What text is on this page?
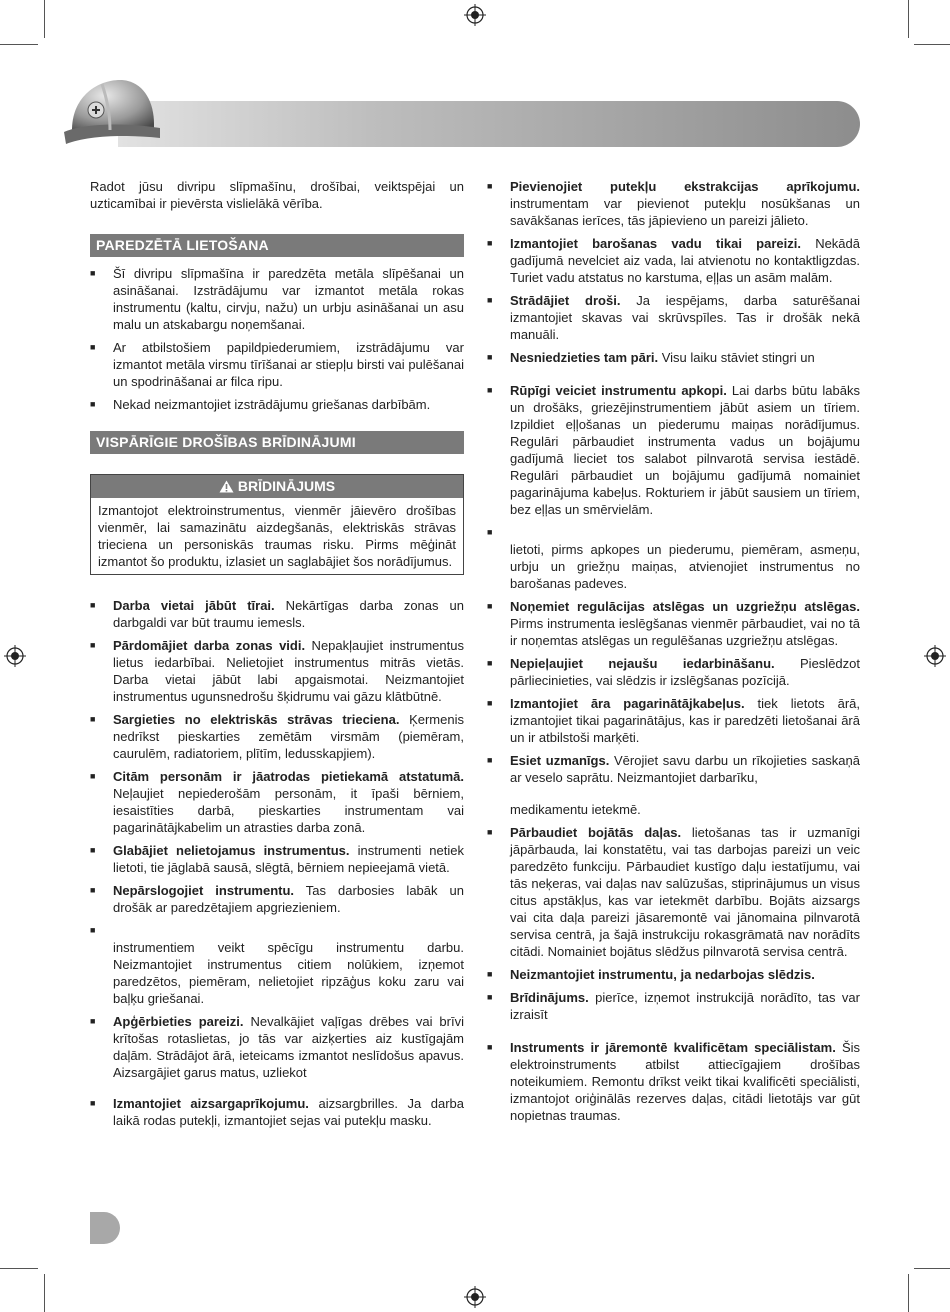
Radot jūsu divripu slīpmašīnu, drošībai, veiktspējai un uzticamībai ir pievērsta vislielākā vērība.

PAREDZĒTĀ LIETOŠANA
■ Šī divripu slīpmašīna ir paredzēta metāla slīpēšanai un asināšanai. Izstrādājumu var izmantot metāla rokas instrumentu (kaltu, cirvju, nažu) un urbju asināšanai un asu malu un atskabargu noņemšanai.
■ Ar atbilstošiem papildpiederumiem, izstrādājumu var izmantot metāla virsmu tīrīšanai ar stiepļu birsti vai pulēšanai un spodrināšanai ar filca ripu.
■ Nekad neizmantojiet izstrādājumu griešanas darbībām.
VISPĀRĪGIE DROŠĪBAS BRĪDINĀJUMI
BRĪDINĀJUMS
Izmantojot elektroinstrumentus, vienmēr jāievēro drošības vienmēr, lai samazinātu aizdegšanās, elektriskās strāvas trieciena un personiskās traumas risku. Pirms mēģināt izmantot šo produktu, izlasiet un saglabājiet šos norādījumus.
■ Darba vietai jābūt tīrai. Nekārtīgas darba zonas un darbgaldi var būt traumu iemesls.
■ Pārdomājiet darba zonas vidi. Nepakļaujiet instrumentus lietus iedarbībai. Nelietojiet instrumentus mitrās vietās. Darba vietai jābūt labi apgaismotai. Neizmantojiet instrumentus ugunsnedrošu šķidrumu vai gāzu klātbūtnē.
■ Sargieties no elektriskās strāvas trieciena. Ķermenis nedrīkst pieskarties zemētām virsmām (piemēram, caurulēm, radiatoriem, plītīm, ledusskapjiem).
■ Citām personām ir jāatrodas pietiekamā atstatumā. Neļaujiet nepiederošām personām, it īpaši bērniem, iesaistīties darbā, pieskarties instrumentam vai pagarinātājkabelim un atrasties darba zonā.
■ Glabājiet nelietojamus instrumentus. instrumenti netiek lietoti, tie jāglabā sausā, slēgtā, bērniem nepieejamā vietā.
■ Nepārslogojiet instrumentu. Tas darbosies labāk un drošāk ar paredzētajiem apgriezieniem.
■

instrumentiem veikt spēcīgu instrumentu darbu. Neizmantojiet instrumentus citiem nolūkiem, izņemot paredzētos, piemēram, nelietojiet ripzāģus koku zaru vai baļķu griešanai.
■ Apģērbieties pareizi. Nevalkājiet vaļīgas drēbes vai brīvi krītošas rotaslietas, jo tās var aizķerties aiz kustīgajām daļām. Strādājot ārā, ieteicams izmantot neslīdošus apavus. Aizsargājiet garus matus, uzliekot
■ Izmantojiet aizsargaprīkojumu. aizsargbrilles. Ja darba laikā rodas putekļi, izmantojiet sejas vai putekļu masku.
■ Pievienojiet putekļu ekstrakcijas aprīkojumu. instrumentam var pievienot putekļu nosūkšanas un savākšanas ierīces, tās jāpievieno un pareizi jālieto.
■ Izmantojiet barošanas vadu tikai pareizi. Nekādā gadījumā nevelciet aiz vada, lai atvienotu no kontaktligzdas. Turiet vadu atstatus no karstuma, eļļas un asām malām.
■ Strādājiet droši. Ja iespējams, darba saturēšanai izmantojiet skavas vai skrūvspīles. Tas ir drošāk nekā manuāli.
■ Nesniedzieties tam pāri. Visu laiku stāviet stingri un
■ Rūpīgi veiciet instrumentu apkopi. Lai darbs būtu labāks un drošāks, griezējinstrumentiem jābūt asiem un tīriem. Izpildiet eļļošanas un piederumu maiņas norādījumus. Regulāri pārbaudiet instrumenta vadus un bojājumu gadījumā lieciet tos salabot pilnvarotā servisa iestādē. Regulāri pārbaudiet un bojājumu gadījumā nomainiet pagarinājuma kabeļus. Rokturiem ir jābūt sausiem un tīriem, bez eļļas un smērvielām.
■

lietoti, pirms apkopes un piederumu, piemēram, asmeņu, urbju un griežņu maiņas, atvienojiet instrumentus no barošanas padeves.
■ Noņemiet regulācijas atslēgas un uzgriežņu atslēgas. Pirms instrumenta ieslēgšanas vienmēr pārbaudiet, vai no tā ir noņemtas atslēgas un regulēšanas uzgriežņu atslēgas.
■ Nepieļaujiet nejaušu iedarbināšanu. Pieslēdzot pārliecinieties, vai slēdzis ir izslēgšanas pozīcijā.
■ Izmantojiet āra pagarinātājkabeļus. tiek lietots ārā, izmantojiet tikai pagarinātājus, kas ir paredzēti lietošanai ārā un ir atbilstoši marķēti.
■ Esiet uzmanīgs. Vērojiet savu darbu un rīkojieties saskaņā ar veselo saprātu. Neizmantojiet darbarīku,
medikamentu ietekmē.
■ Pārbaudiet bojātās daļas. lietošanas tas ir uzmanīgi jāpārbauda, lai konstatētu, vai tas darbojas pareizi un veic paredzēto funkciju. Pārbaudiet kustīgo daļu iestatījumu, vai tās neķeras, vai daļas nav salūzušas, stiprinājumus un visus citus apstākļus, kas var ietekmēt darbību. Bojāts aizsargs vai cita daļa pareizi jāsaremontē vai jānomaina pilnvarotā servisa centrā, ja šajā instrukciju rokasgrāmatā nav norādīts citādi. Nomainiet bojātus slēdžus pilnvarotā servisa centrā.
■ Neizmantojiet instrumentu, ja nedarbojas slēdzis.
■ Brīdinājums. pierīce, izņemot instrukcijā norādīto, tas var izraisīt
■ Instruments ir jāremontē kvalificētam speciālistam. Šis elektroinstruments atbilst attiecīgajiem drošības noteikumiem. Remontu drīkst veikt tikai kvalificēti speciālisti, izmantojot oriģinālās rezerves daļas, citādi lietotājs var gūt nopietnas traumas.
